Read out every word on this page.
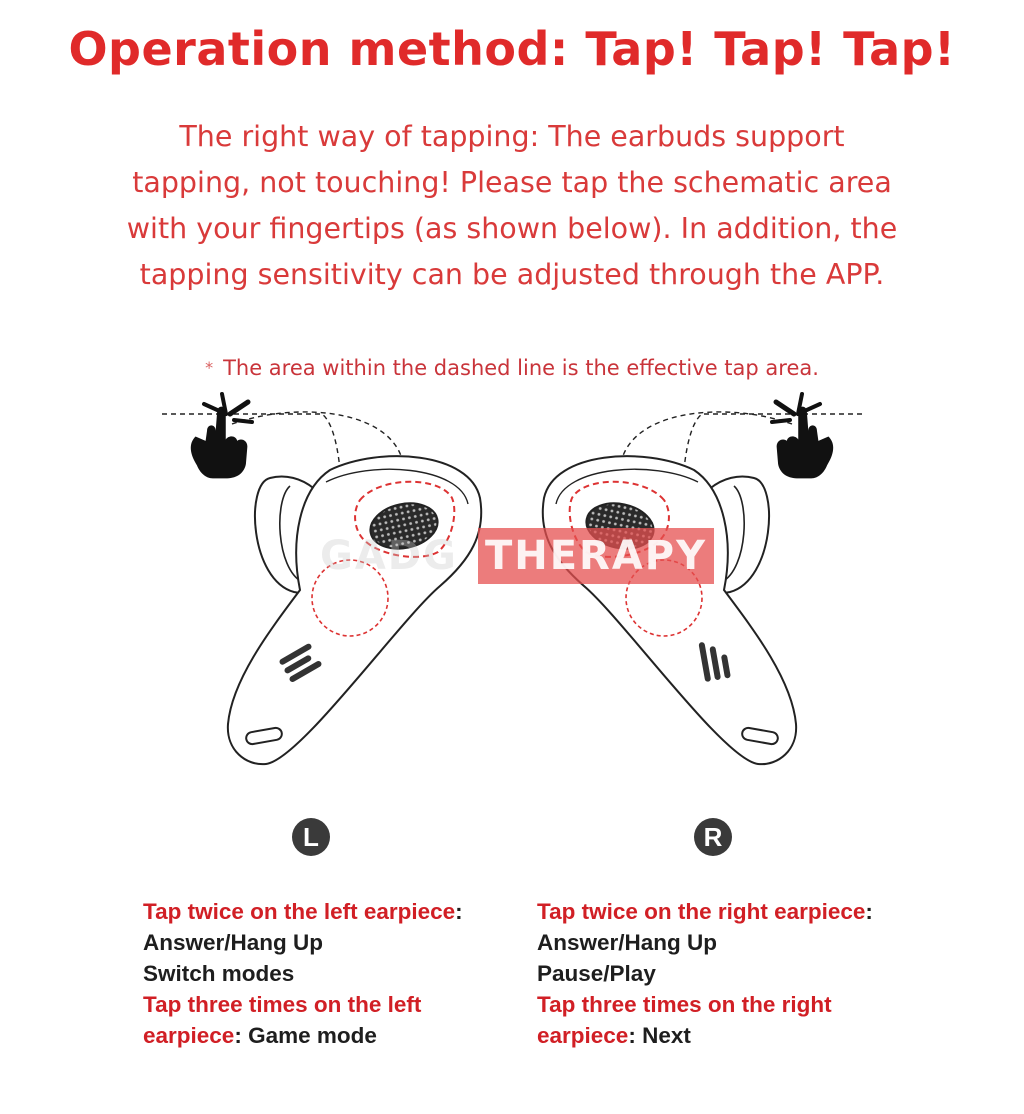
Operation method: Tap! Tap! Tap!
The right way of tapping: The earbuds support
tapping, not touching! Please tap the schematic area
with your fingertips (as shown below). In addition, the
tapping sensitivity can be adjusted through the APP.
* The area within the dashed line is the effective tap area.
GADG THERAPY
L	R
Tap twice on the left earpiece:
Answer/Hang Up
Switch modes
Tap three times on the left
earpiece: Game mode
Tap twice on the right earpiece:
Answer/Hang Up
Pause/Play
Tap three times on the right
earpiece: Next
